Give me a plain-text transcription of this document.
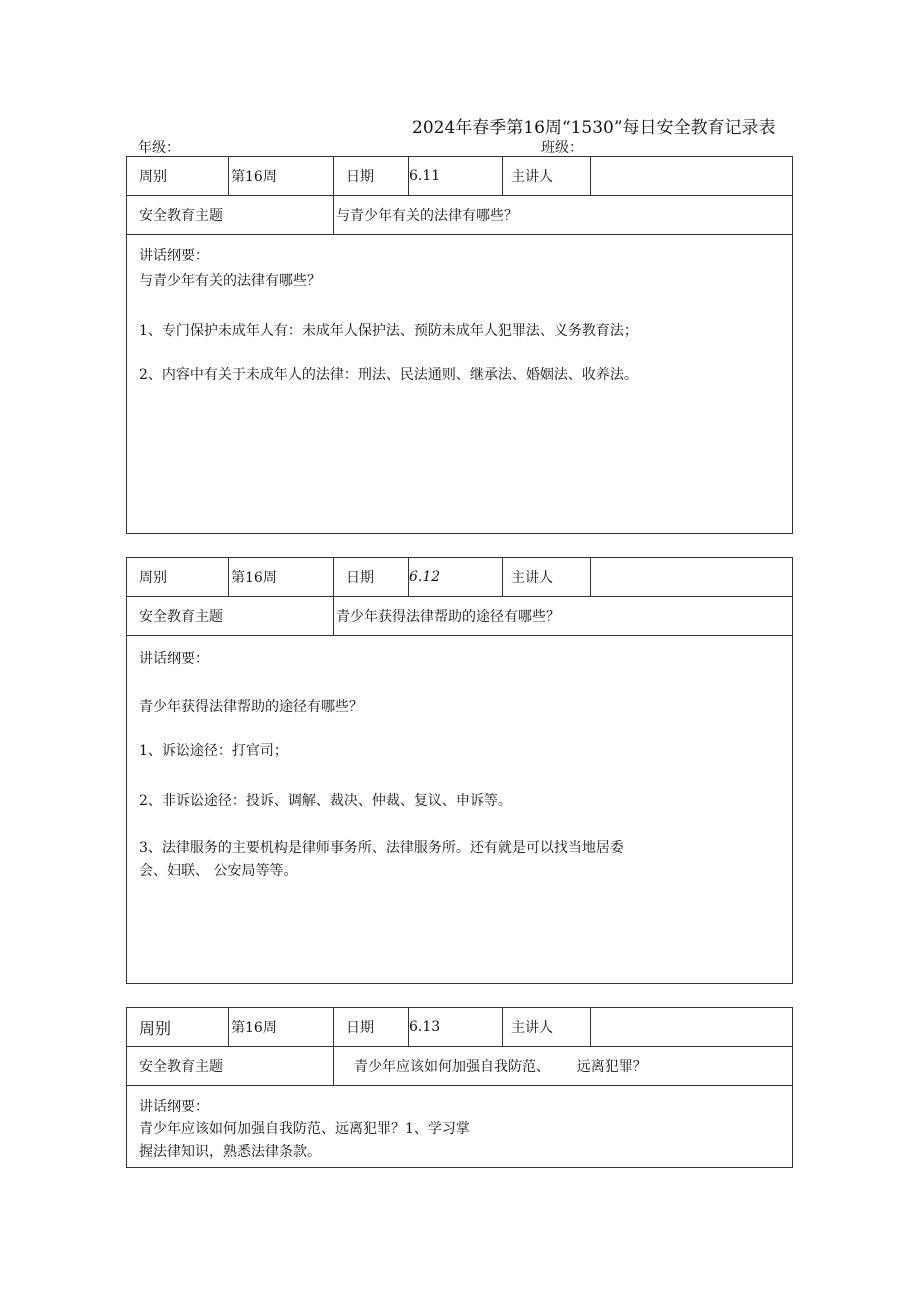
2024年春季第16周“1530”每日安全教育记录表
年级：	班级：
周别	第16周	日期	6.11	主讲人
安全教育主题	与青少年有关的法律有哪些？
讲话纲要：
与青少年有关的法律有哪些？
1、专门保护未成年人有：未成年人保护法、预防未成年人犯罪法、义务教育法；
2、内容中有关于未成年人的法律：刑法、民法通则、继承法、婚姻法、收养法。
周别	第16周	日期	6.12	主讲人
安全教育主题	青少年获得法律帮助的途径有哪些？
讲话纲要：
青少年获得法律帮助的途径有哪些？
1、诉讼途径：打官司；
2、非诉讼途径：投诉、调解、裁决、仲裁、复议、申诉等。
3、法律服务的主要机构是律师事务所、法律服务所。还有就是可以找当地居委
会、妇联、 公安局等等。
周别	第16周	日期	6.13	主讲人
安全教育主题	青少年应该如何加强自我防范、      远离犯罪？
讲话纲要：
青少年应该如何加强自我防范、远离犯罪？1、学习掌
握法律知识，熟悉法律条款。
